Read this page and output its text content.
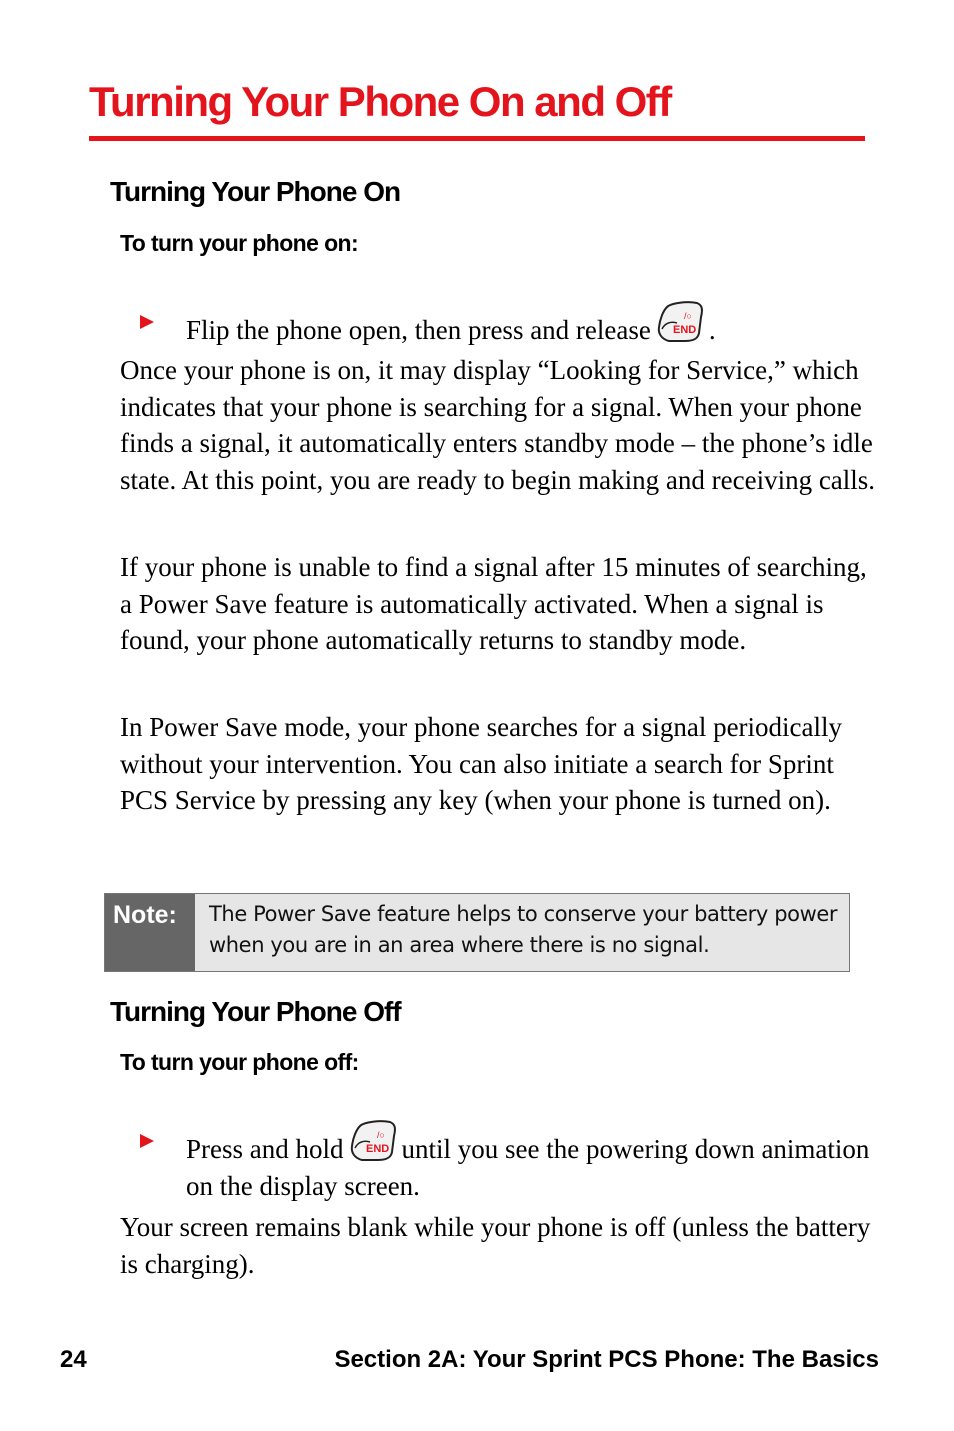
Turning Your Phone On and Off
Turning Your Phone On
To turn your phone on:
Flip the phone open, then press and release	/○
END .
Once your phone is on, it may display “Looking for Service,” which indicates that your phone is searching for a signal. When your phone finds a signal, it automatically enters standby mode – the phone’s idle state. At this point, you are ready to begin making and receiving calls.
If your phone is unable to find a signal after 15 minutes of searching, a Power Save feature is automatically activated. When a signal is found, your phone automatically returns to standby mode.
In Power Save mode, your phone searches for a signal periodically without your intervention. You can also initiate a search for Sprint PCS Service by pressing any key (when your phone is turned on).
Note: The Power Save feature helps to conserve your battery power when you are in an area where there is no signal.
Turning Your Phone Off
To turn your phone off:
Press and hold	/○
END until you see the powering down animation on the display screen.
Your screen remains blank while your phone is off (unless the battery is charging).
24	Section 2A: Your Sprint PCS Phone: The Basics
